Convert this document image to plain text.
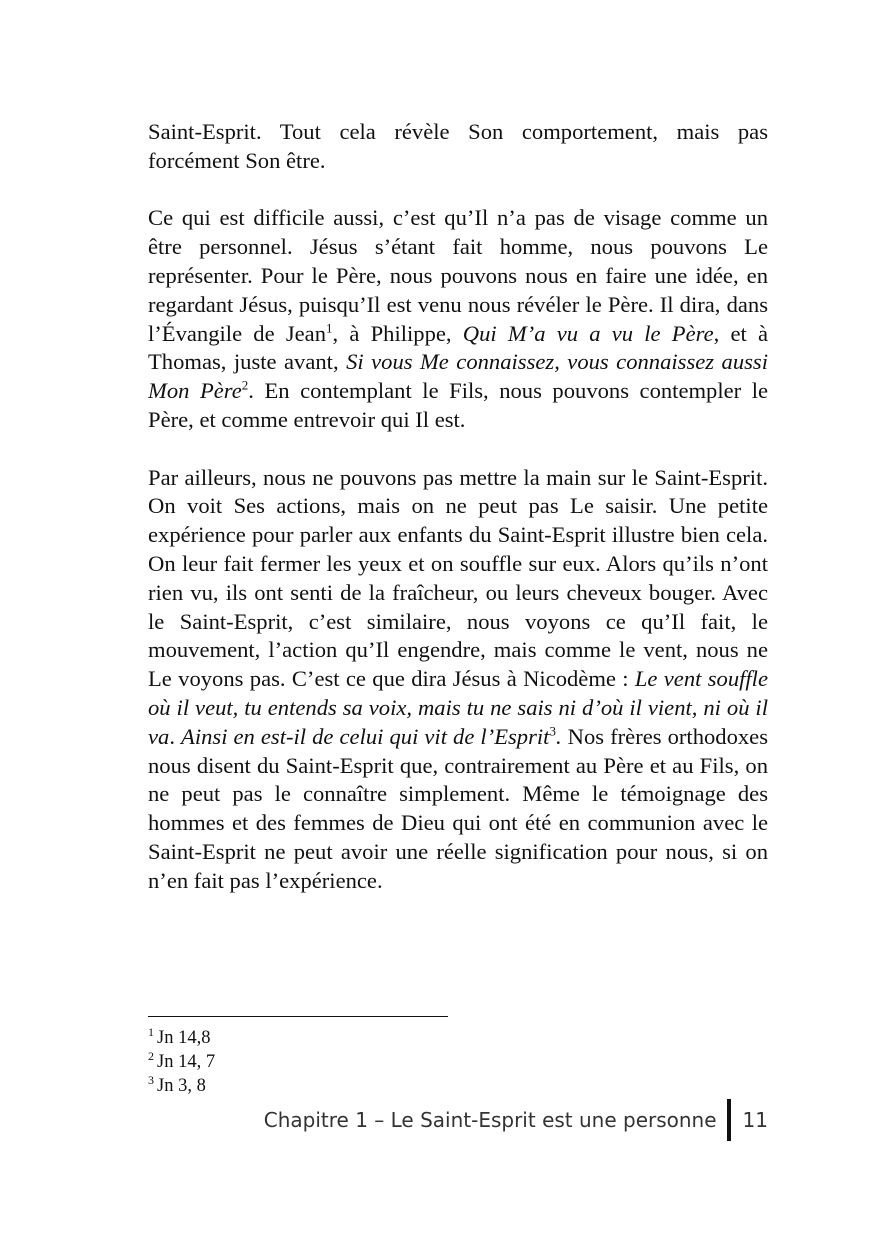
Saint-Esprit. Tout cela révèle Son comportement, mais pas forcément Son être.

Ce qui est difficile aussi, c’est qu’Il n’a pas de visage comme un être personnel. Jésus s’étant fait homme, nous pouvons Le représenter. Pour le Père, nous pouvons nous en faire une idée, en regardant Jésus, puisqu’Il est venu nous révéler le Père. Il dira, dans l’Évangile de Jean$^1$, à Philippe, Qui M’a vu a vu le Père, et à Thomas, juste avant, Si vous Me connaissez, vous connaissez aussi Mon Père$^2$. En contemplant le Fils, nous pouvons contempler le Père, et comme entrevoir qui Il est.

Par ailleurs, nous ne pouvons pas mettre la main sur le Saint-Esprit. On voit Ses actions, mais on ne peut pas Le saisir. Une petite expérience pour parler aux enfants du Saint-Esprit illustre bien cela. On leur fait fermer les yeux et on souffle sur eux. Alors qu’ils n’ont rien vu, ils ont senti de la fraîcheur, ou leurs cheveux bouger. Avec le Saint-Esprit, c’est similaire, nous voyons ce qu’Il fait, le mouvement, l’action qu’Il engendre, mais comme le vent, nous ne Le voyons pas. C’est ce que dira Jésus à Nicodème : Le vent souffle où il veut, tu entends sa voix, mais tu ne sais ni d’où il vient, ni où il va. Ainsi en est-il de celui qui vit de l’Esprit$^3$. Nos frères orthodoxes nous disent du Saint-Esprit que, contrairement au Père et au Fils, on ne peut pas le connaître simplement. Même le témoignage des hommes et des femmes de Dieu qui ont été en communion avec le Saint-Esprit ne peut avoir une réelle signification pour nous, si on n’en fait pas l’expérience.

$^1$ Jn 14,8
$^2$ Jn 14, 7
$^3$ Jn 3, 8
Chapitre 1 – Le Saint-Esprit est une personne 11
